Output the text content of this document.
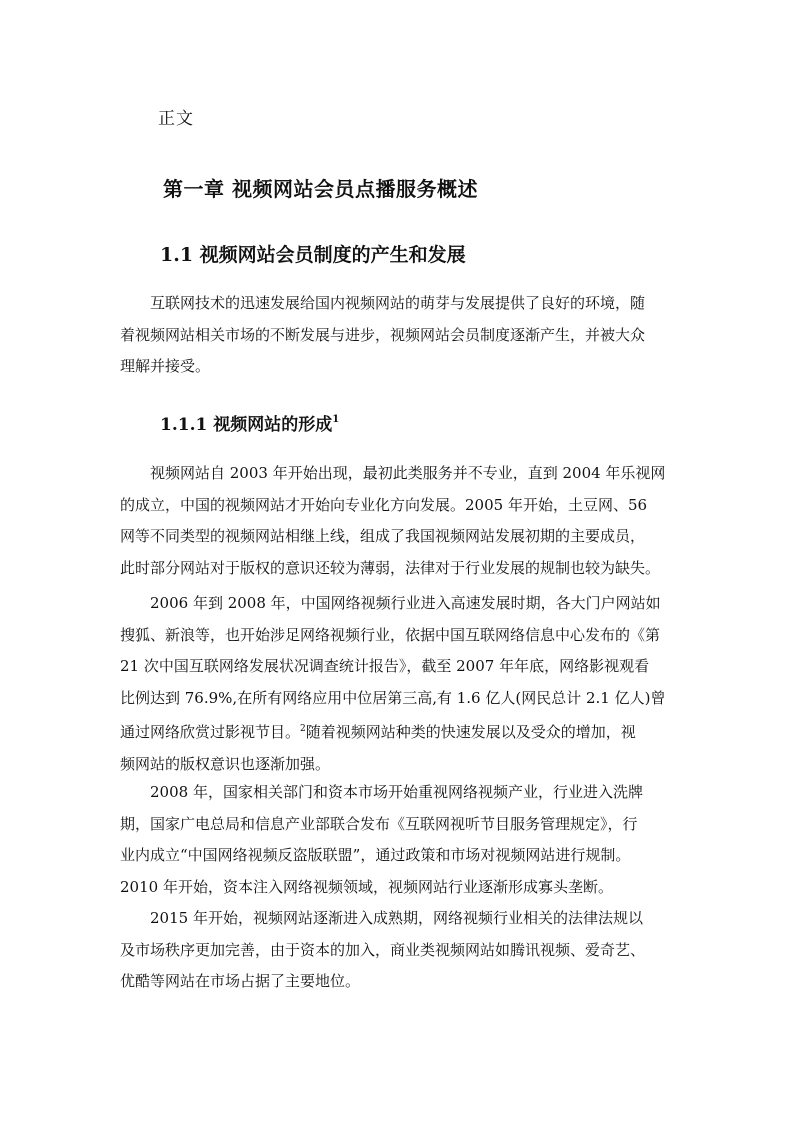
正文

第一章 视频网站会员点播服务概述
1.1 视频网站会员制度的产生和发展
互联网技术的迅速发展给国内视频网站的萌芽与发展提供了良好的环境，随
着视频网站相关市场的不断发展与进步，视频网站会员制度逐渐产生，并被大众
理解并接受。
1.1.1 视频网站的形成$^1$
视频网站自 2003 年开始出现，最初此类服务并不专业，直到 2004 年乐视网
的成立，中国的视频网站才开始向专业化方向发展。2005 年开始，土豆网、56
网等不同类型的视频网站相继上线，组成了我国视频网站发展初期的主要成员，
此时部分网站对于版权的意识还较为薄弱，法律对于行业发展的规制也较为缺失。
2006 年到 2008 年，中国网络视频行业进入高速发展时期，各大门户网站如
搜狐、新浪等，也开始涉足网络视频行业，依据中国互联网络信息中心发布的《第
21 次中国互联网络发展状况调查统计报告》，截至 2007 年年底，网络影视观看
比例达到 76.9%,在所有网络应用中位居第三高,有 1.6 亿人(网民总计 2.1 亿人)曾
通过网络欣赏过影视节目。$^2$随着视频网站种类的快速发展以及受众的增加，视
频网站的版权意识也逐渐加强。
2008 年，国家相关部门和资本市场开始重视网络视频产业，行业进入洗牌
期，国家广电总局和信息产业部联合发布《互联网视听节目服务管理规定》，行
业内成立“中国网络视频反盗版联盟”，通过政策和市场对视频网站进行规制。
2010 年开始，资本注入网络视频领域，视频网站行业逐渐形成寡头垄断。
2015 年开始，视频网站逐渐进入成熟期，网络视频行业相关的法律法规以
及市场秩序更加完善，由于资本的加入，商业类视频网站如腾讯视频、爱奇艺、
优酷等网站在市场占据了主要地位。
